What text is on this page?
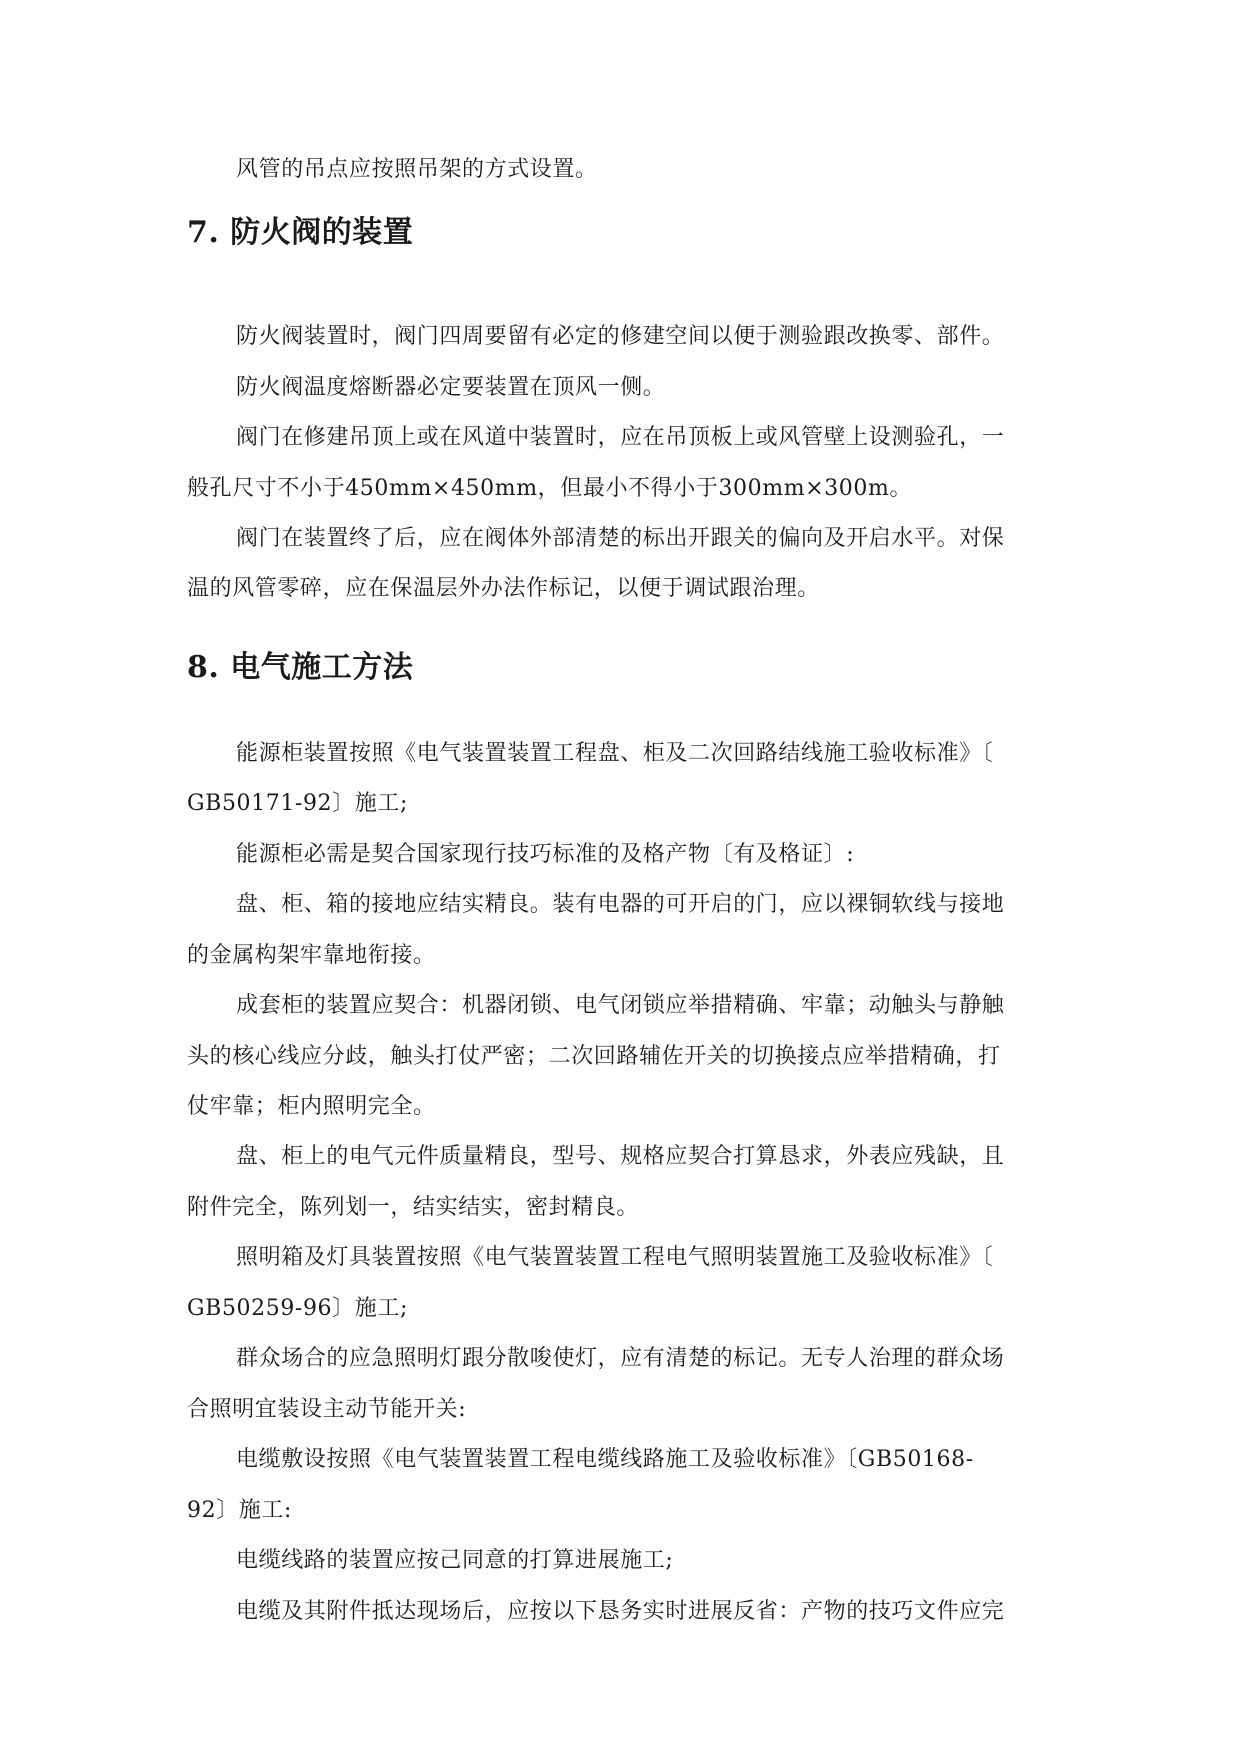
风管的吊点应按照吊架的方式设置。
7. 防火阀的装置
防火阀装置时，阀门四周要留有必定的修建空间以便于测验跟改换零、部件。
防火阀温度熔断器必定要装置在顶风一侧。
阀门在修建吊顶上或在风道中装置时，应在吊顶板上或风管壁上设测验孔，一
般孔尺寸不小于450mm×450mm，但最小不得小于300mm×300m。
阀门在装置终了后，应在阀体外部清楚的标出开跟关的偏向及开启水平。对保
温的风管零碎，应在保温层外办法作标记，以便于调试跟治理。
8. 电气施工方法
能源柜装置按照《电气装置装置工程盘、柜及二次回路结线施工验收标准》〔
GB50171-92〕施工;
能源柜必需是契合国家现行技巧标准的及格产物〔有及格证〕:
盘、柜、箱的接地应结实精良。装有电器的可开启的门，应以裸铜软线与接地
的金属构架牢靠地衔接。
成套柜的装置应契合：机器闭锁、电气闭锁应举措精确、牢靠；动触头与静触
头的核心线应分歧，触头打仗严密；二次回路辅佐开关的切换接点应举措精确，打
仗牢靠；柜内照明完全。
盘、柜上的电气元件质量精良，型号、规格应契合打算恳求，外表应残缺，且
附件完全，陈列划一，结实结实，密封精良。
照明箱及灯具装置按照《电气装置装置工程电气照明装置施工及验收标准》〔
GB50259-96〕施工;
群众场合的应急照明灯跟分散唆使灯，应有清楚的标记。无专人治理的群众场
合照明宜装设主动节能开关:
电缆敷设按照《电气装置装置工程电缆线路施工及验收标准》〔GB50168-
92〕施工:
电缆线路的装置应按己同意的打算进展施工;
电缆及其附件抵达现场后，应按以下恳务实时进展反省：产物的技巧文件应完
